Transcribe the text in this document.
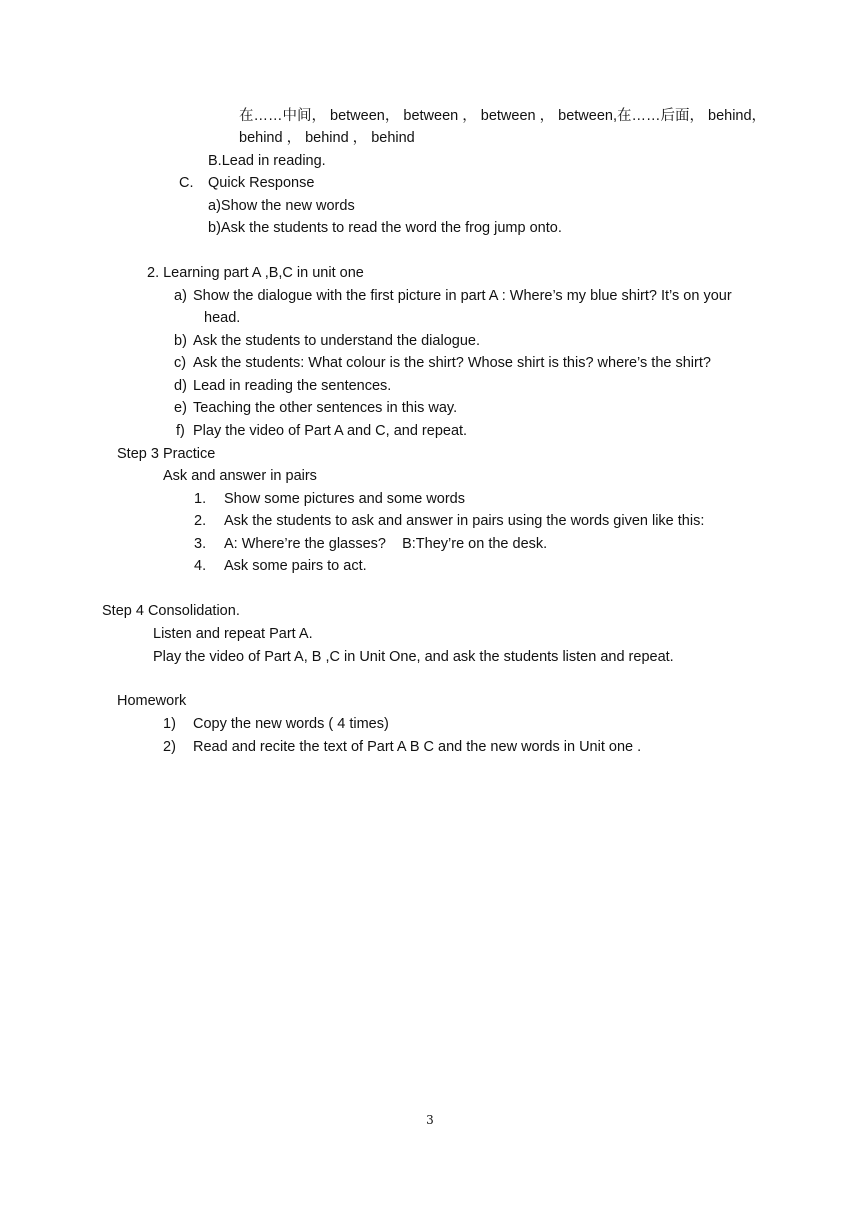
在……中间， between， between ， between ， between,在……后面， behind，
behind ， behind ， behind
B.Lead in reading.
C. Quick Response
a)Show the new words
b)Ask the students to read the word the frog jump onto.
2. Learning part A ,B,C in unit one
a) Show the dialogue with the first picture in part A : Where’s my blue shirt? It’s on your
head.
b) Ask the students to understand the dialogue.
c) Ask the students: What colour is the shirt? Whose shirt is this? where’s the shirt?
d) Lead in reading the sentences.
e) Teaching the other sentences in this way.
f) Play the video of Part A and C, and repeat.
Step 3 Practice
Ask and answer in pairs
1. Show some pictures and some words
2. Ask the students to ask and answer in pairs using the words given like this:
3. A: Where’re the glasses?    B:They’re on the desk.
4. Ask some pairs to act.
Step 4 Consolidation.
Listen and repeat Part A.
Play the video of Part A, B ,C in Unit One, and ask the students listen and repeat.
Homework
1) Copy the new words ( 4 times)
2) Read and recite the text of Part A B C and the new words in Unit one .
3
